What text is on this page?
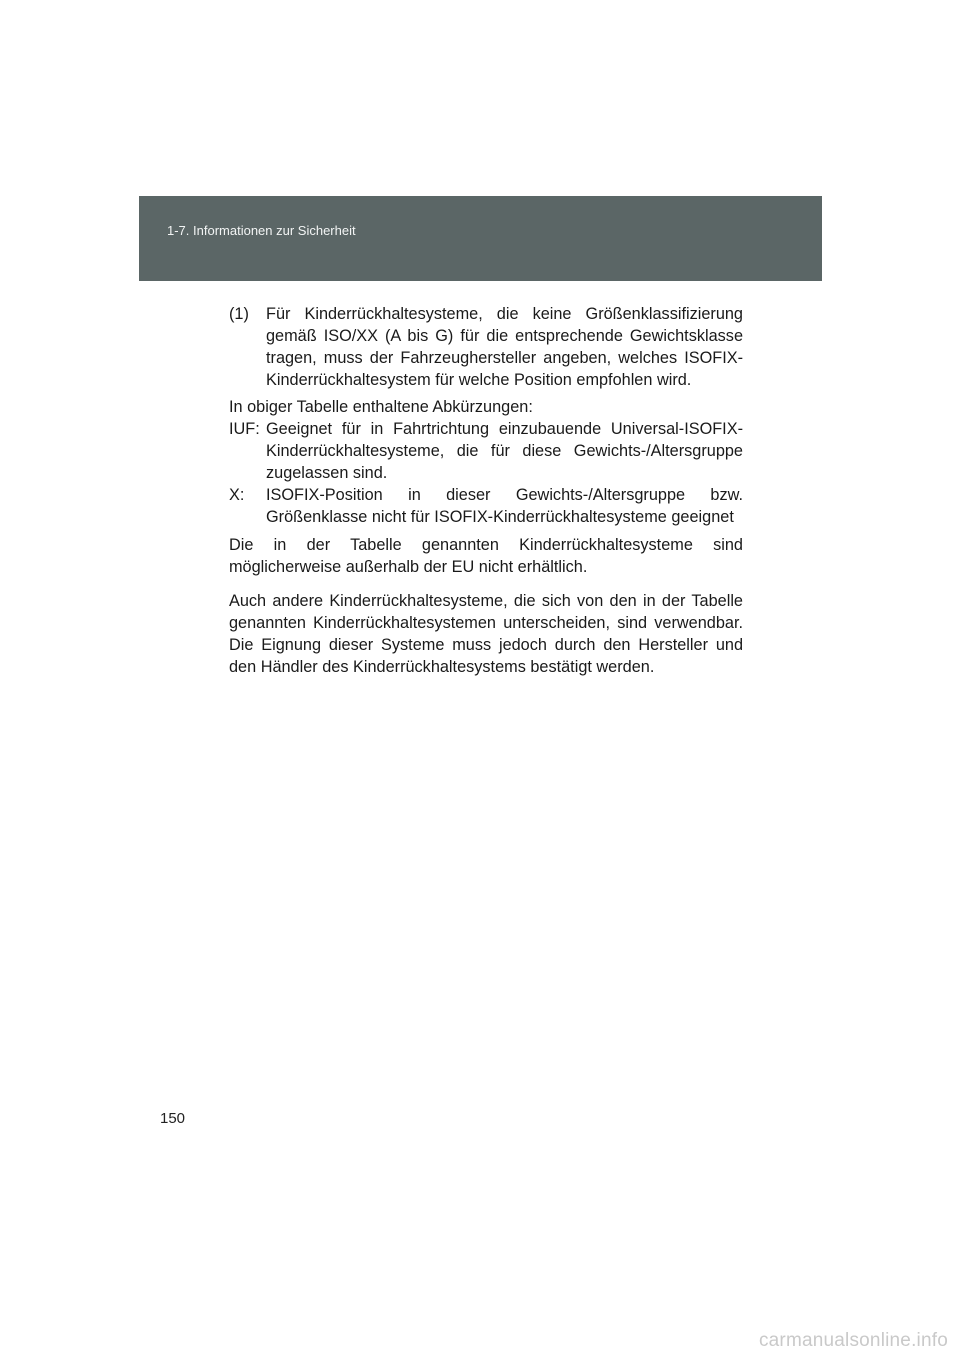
1-7. Informationen zur Sicherheit
(1)	Für Kinderrückhaltesysteme, die keine Größenklassifizierung gemäß ISO/XX (A bis G) für die entsprechende Gewichtsklasse tragen, muss der Fahrzeughersteller angeben, welches ISOFIX-Kinderrückhaltesystem für welche Position empfohlen wird.

In obiger Tabelle enthaltene Abkürzungen:

IUF: Geeignet für in Fahrtrichtung einzubauende Universal-ISOFIX-Kinderrückhaltesysteme, die für diese Gewichts-/Altersgruppe zugelassen sind.
X:	ISOFIX-Position in dieser Gewichts-/Altersgruppe bzw. Größenklasse nicht für ISOFIX-Kinderrückhaltesysteme geeignet

Die in der Tabelle genannten Kinderrückhaltesysteme sind möglicherweise außerhalb der EU nicht erhältlich.

Auch andere Kinderrückhaltesysteme, die sich von den in der Tabelle genannten Kinderrückhaltesystemen unterscheiden, sind verwendbar. Die Eignung dieser Systeme muss jedoch durch den Hersteller und den Händler des Kinderrückhaltesystems bestätigt werden.

150
carmanualsonline.info
